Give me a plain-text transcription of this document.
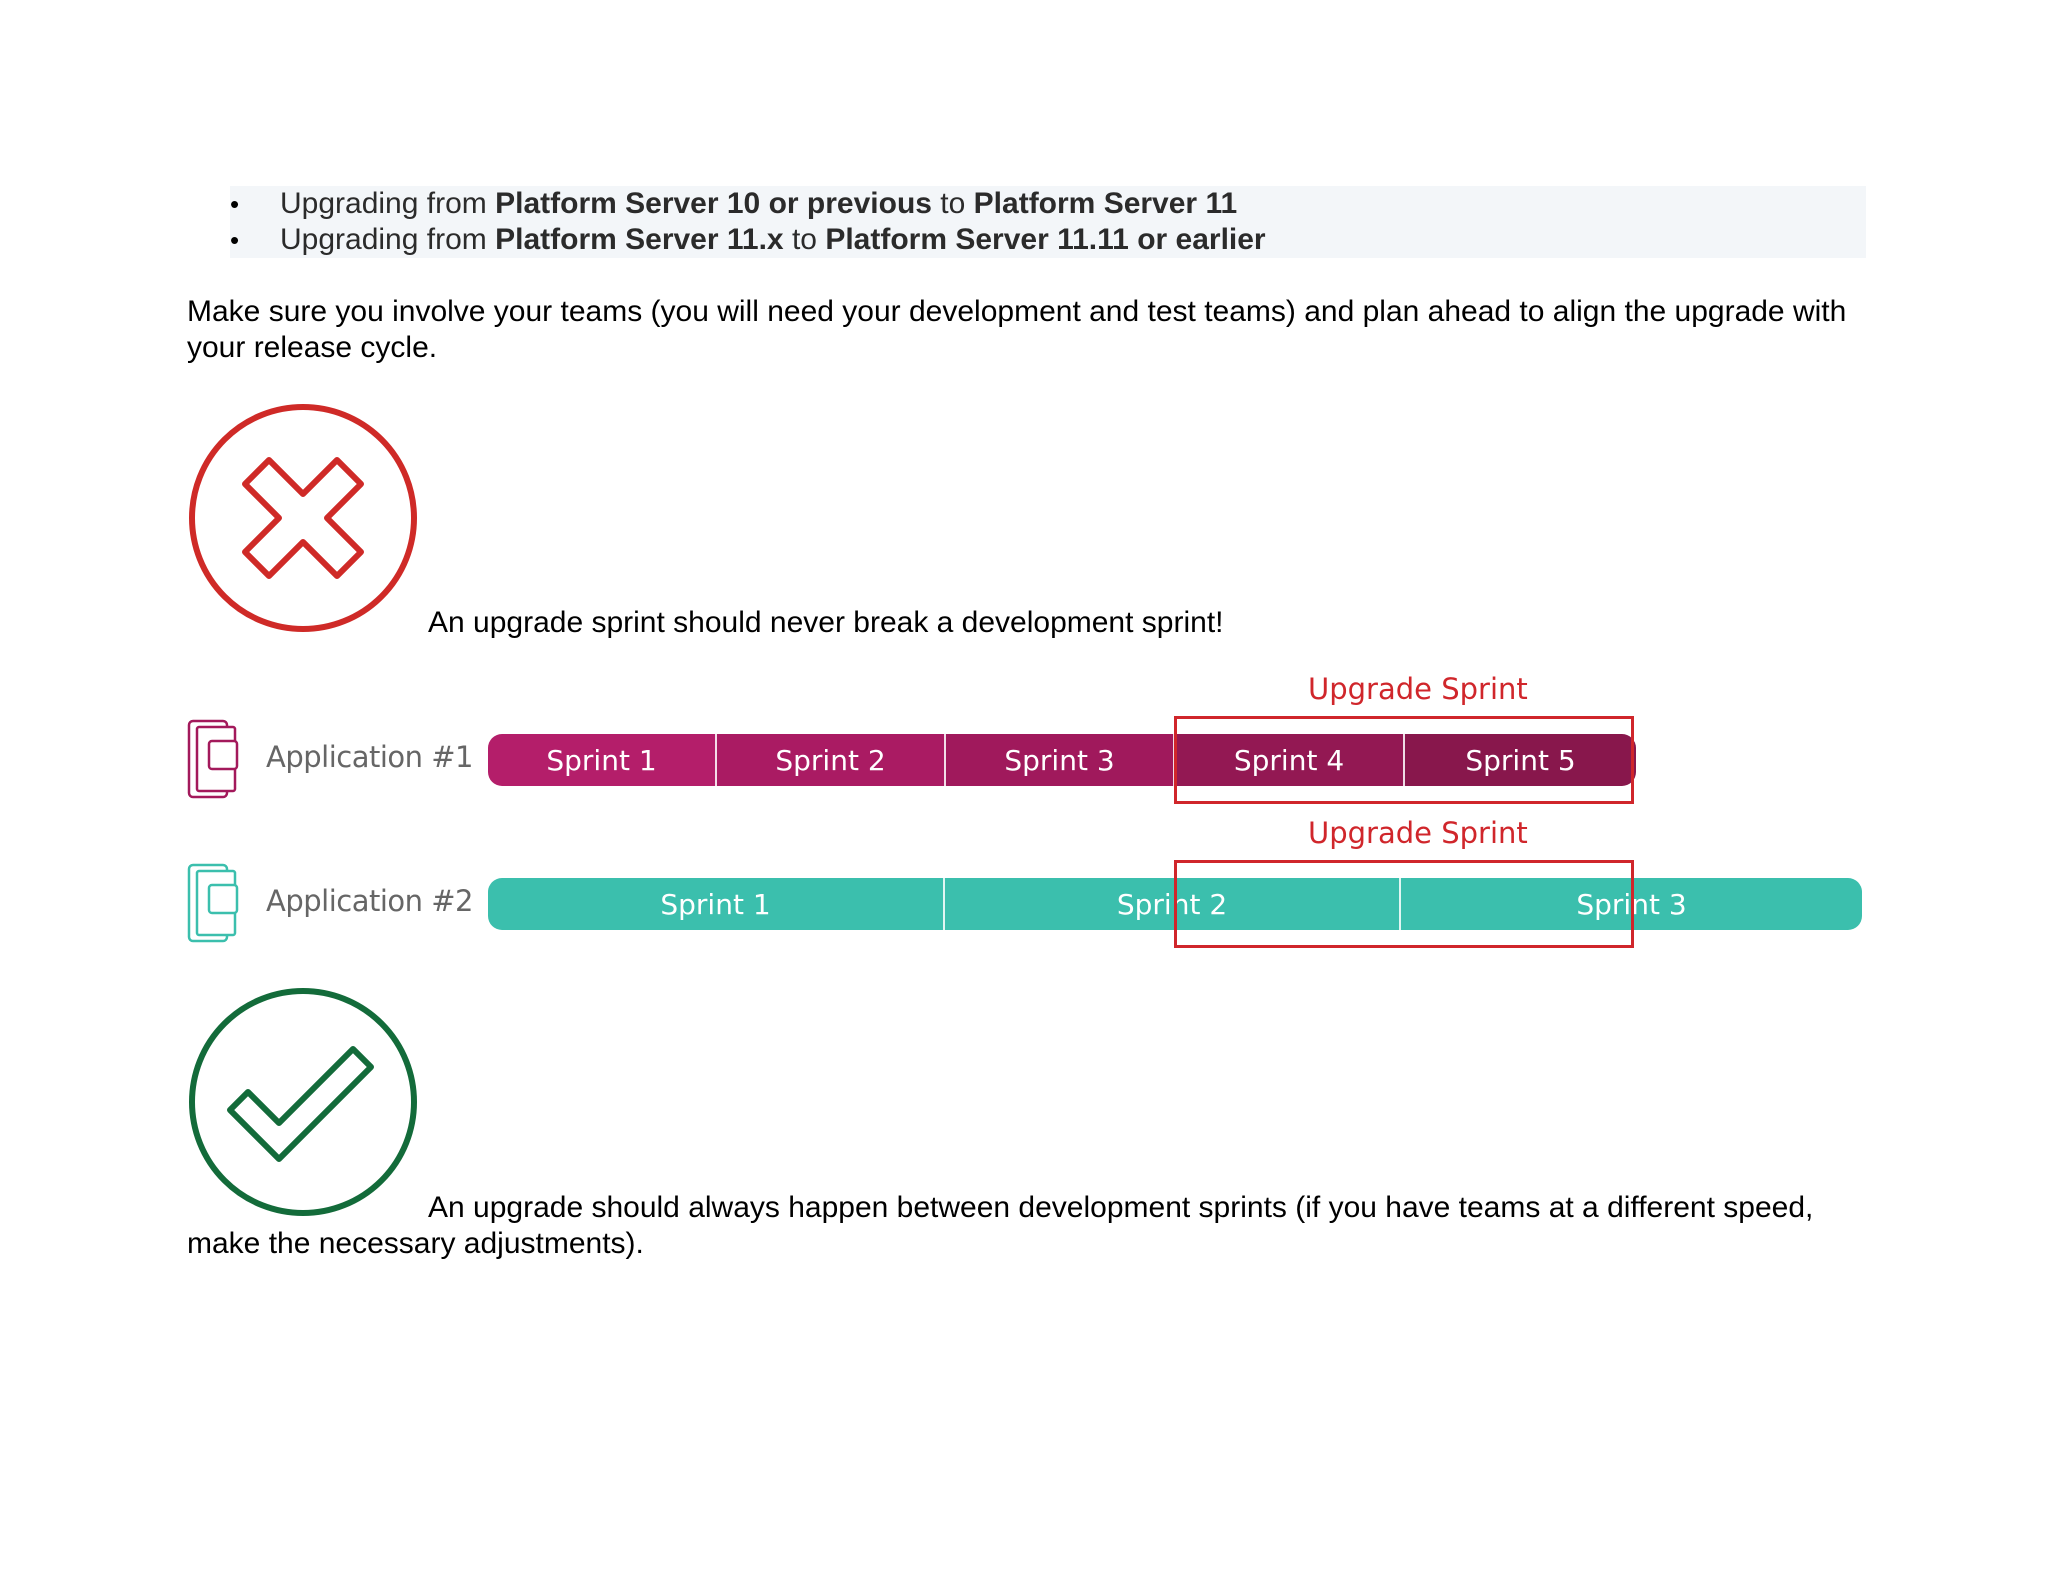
•	Upgrading from Platform Server 10 or previous to Platform Server 11
•	Upgrading from Platform Server 11.x to Platform Server 11.11 or earlier
Make sure you involve your teams (you will need your development and test teams) and plan ahead to align the upgrade with your release cycle.
An upgrade sprint should never break a development sprint!
Application #1	Sprint 1	Sprint 2	Sprint 3	Sprint 4	Sprint 5
Upgrade Sprint
Application #2	Sprint 1	Sprint 2	Sprint 3
Upgrade Sprint
An upgrade should always happen between development sprints (if you have teams at a different speed,
make the necessary adjustments).
